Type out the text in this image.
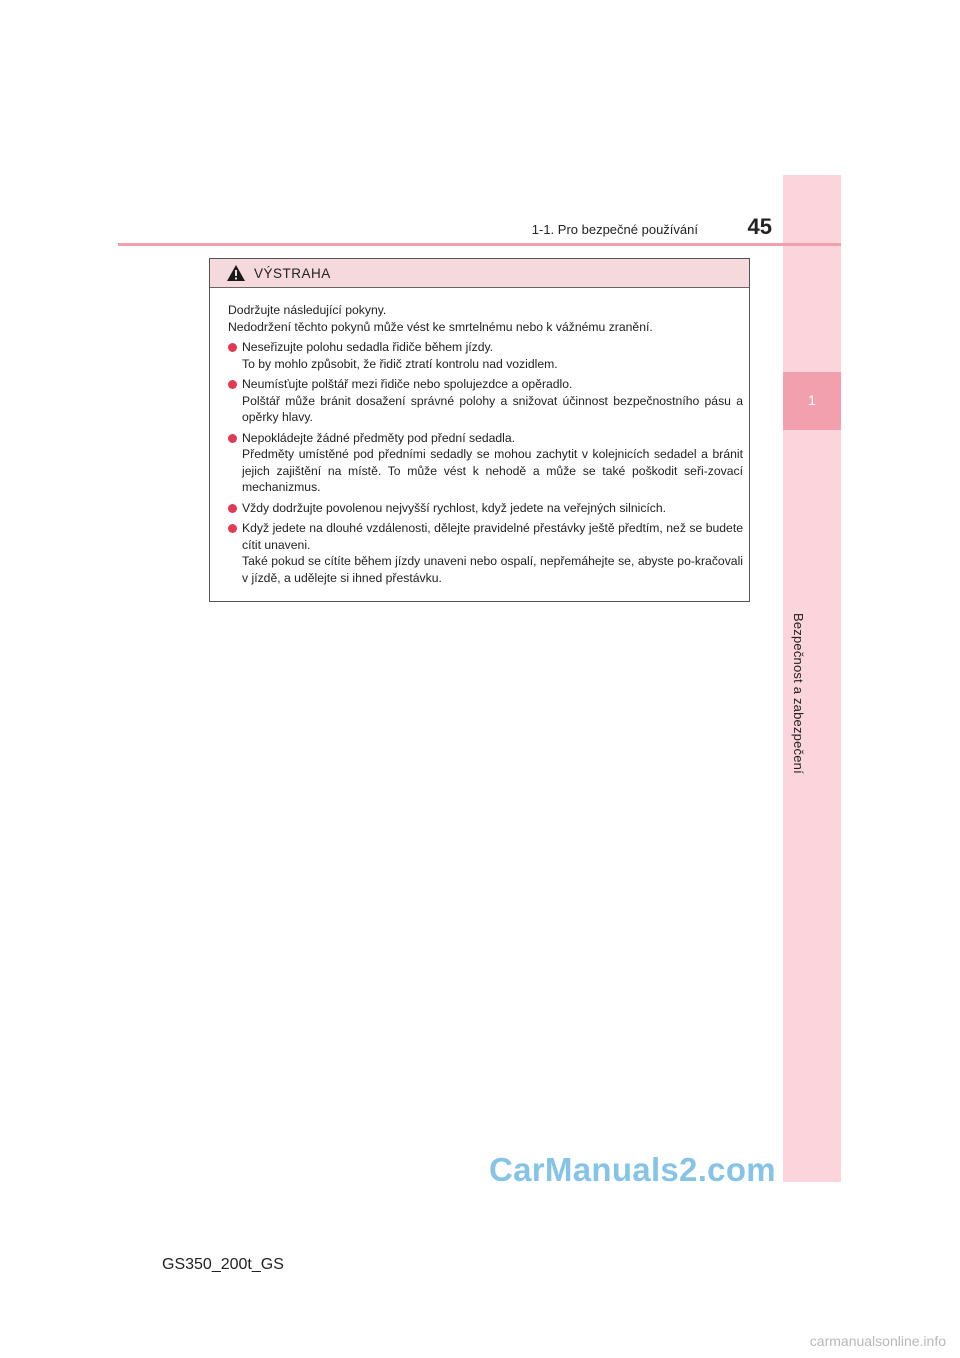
1
Bezpečnost a zabezpečení
1-1. Pro bezpečné používání 45
VÝSTRAHA

Dodržujte následující pokyny.

Nedodržení těchto pokynů může vést ke smrtelnému nebo k vážnému zranění.

Neseřizujte polohu sedadla řidiče během jízdy.
To by mohlo způsobit, že řidič ztratí kontrolu nad vozidlem.
Neumísťujte polštář mezi řidiče nebo spolujezdce a opěradlo.
Polštář může bránit dosažení správné polohy a snižovat účinnost bezpečnostního pásu a opěrky hlavy.
Nepokládejte žádné předměty pod přední sedadla.
Předměty umístěné pod předními sedadly se mohou zachytit v kolejnicích sedadel a bránit jejich zajištění na místě. To může vést k nehodě a může se také poškodit seři-zovací mechanizmus.
Vždy dodržujte povolenou nejvyšší rychlost, když jedete na veřejných silnicích.
Když jedete na dlouhé vzdálenosti, dělejte pravidelné přestávky ještě předtím, než se budete cítit unaveni.
Také pokud se cítíte během jízdy unaveni nebo ospalí, nepřemáhejte se, abyste po-kračovali v jízdě, a udělejte si ihned přestávku.
CarManuals2.com
GS350_200t_GS
carmanualsonline.info
